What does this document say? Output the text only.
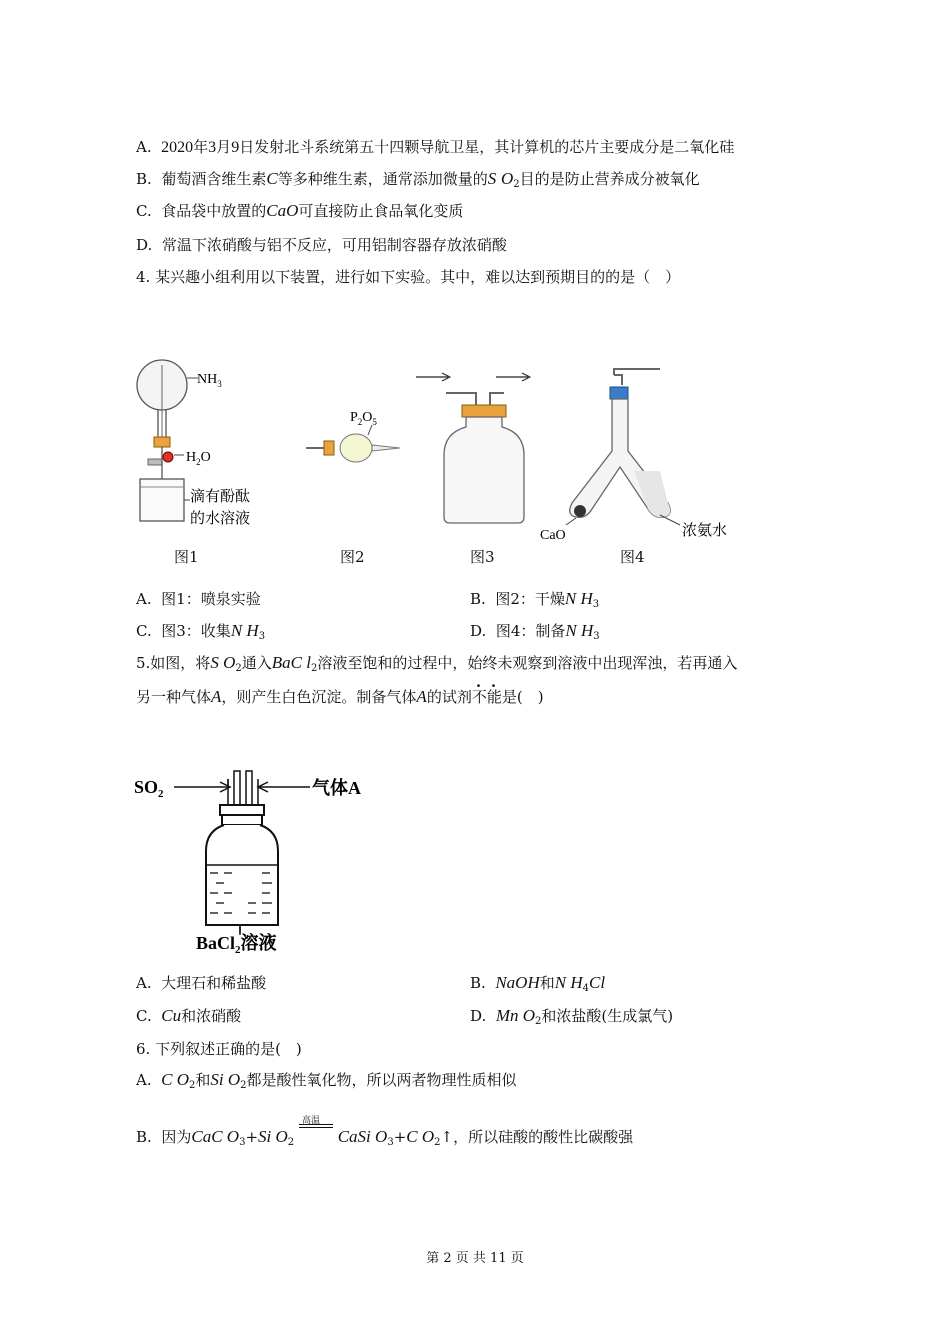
A. 2020年3月9日发射北斗系统第五十四颗导航卫星，其计算机的芯片主要成分是二氧化硅
B. 葡萄酒含维生素C等多种维生素，通常添加微量的S $O_2$目的是防止营养成分被氧化
C. 食品袋中放置的CaO可直接防止食品氧化变质
D. 常温下浓硝酸与铝不反应，可用铝制容器存放浓硝酸
4. 某兴趣小组利用以下装置，进行如下实验。其中，难以达到预期目的的是（　）
$NH_3$
$H_2O$
滴有酚酞
的水溶液
$P_2O_5$
CaO	浓氨水
图1	图2	图3	图4
A. 图1：喷泉实验	B. 图2：干燥N $H_3$
C. 图3：收集N $H_3$	D. 图4：制备N $H_3$
5.如图，将S $O_2$通入BaC $l_2$溶液至饱和的过程中，始终未观察到溶液中出现浑浊，若再通入
另一种气体A，则产生白色沉淀。制备气体A的试剂不能是(　)
$SO_2$	气体A
BaCl$_2$溶液
A. 大理石和稀盐酸	B. NaOH和N $H_4Cl$
C. Cu和浓硝酸	D. Mn $O_2$和浓盐酸(生成氯气)
6. 下列叙述正确的是(　)
A. C $O_2$和Si $O_2$都是酸性氧化物，所以两者物理性质相似
B. 因为CaC $O_3+Si$ $O_2$
高温
CaSi $O_3+C$ $O_2↑$，所以硅酸的酸性比碳酸强
第 2 页 共 11 页
